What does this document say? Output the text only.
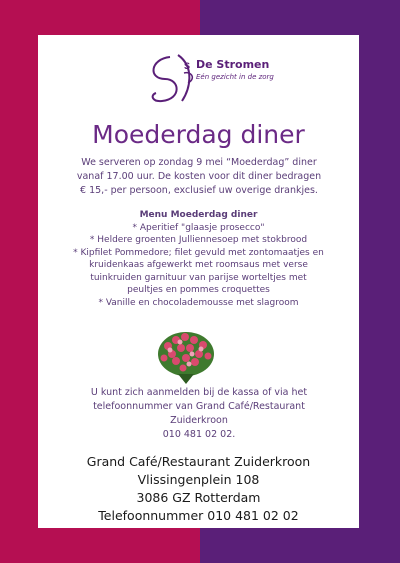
S De Stromen
Eén gezicht in de zorg
Moederdag diner
We serveren op zondag 9 mei “Moederdag” diner
vanaf 17.00 uur. De kosten voor dit diner bedragen
€ 15,- per persoon, exclusief uw overige drankjes.
Menu Moederdag diner
* Aperitief "glaasje prosecco"
* Heldere groenten Julliennesoep met stokbrood
* Kipfilet Pommedore; filet gevuld met zontomaatjes en
kruidenkaas afgewerkt met roomsaus met verse
tuinkruiden garnituur van parijse worteltjes met
peultjes en pommes croquettes
* Vanille en chocolademousse met slagroom
U kunt zich aanmelden bij de kassa of via het
telefoonnummer van Grand Café/Restaurant Zuiderkroon
010 481 02 02.
Grand Café/Restaurant Zuiderkroon
Vlissingenplein 108
3086 GZ Rotterdam
Telefoonnummer 010 481 02 02
